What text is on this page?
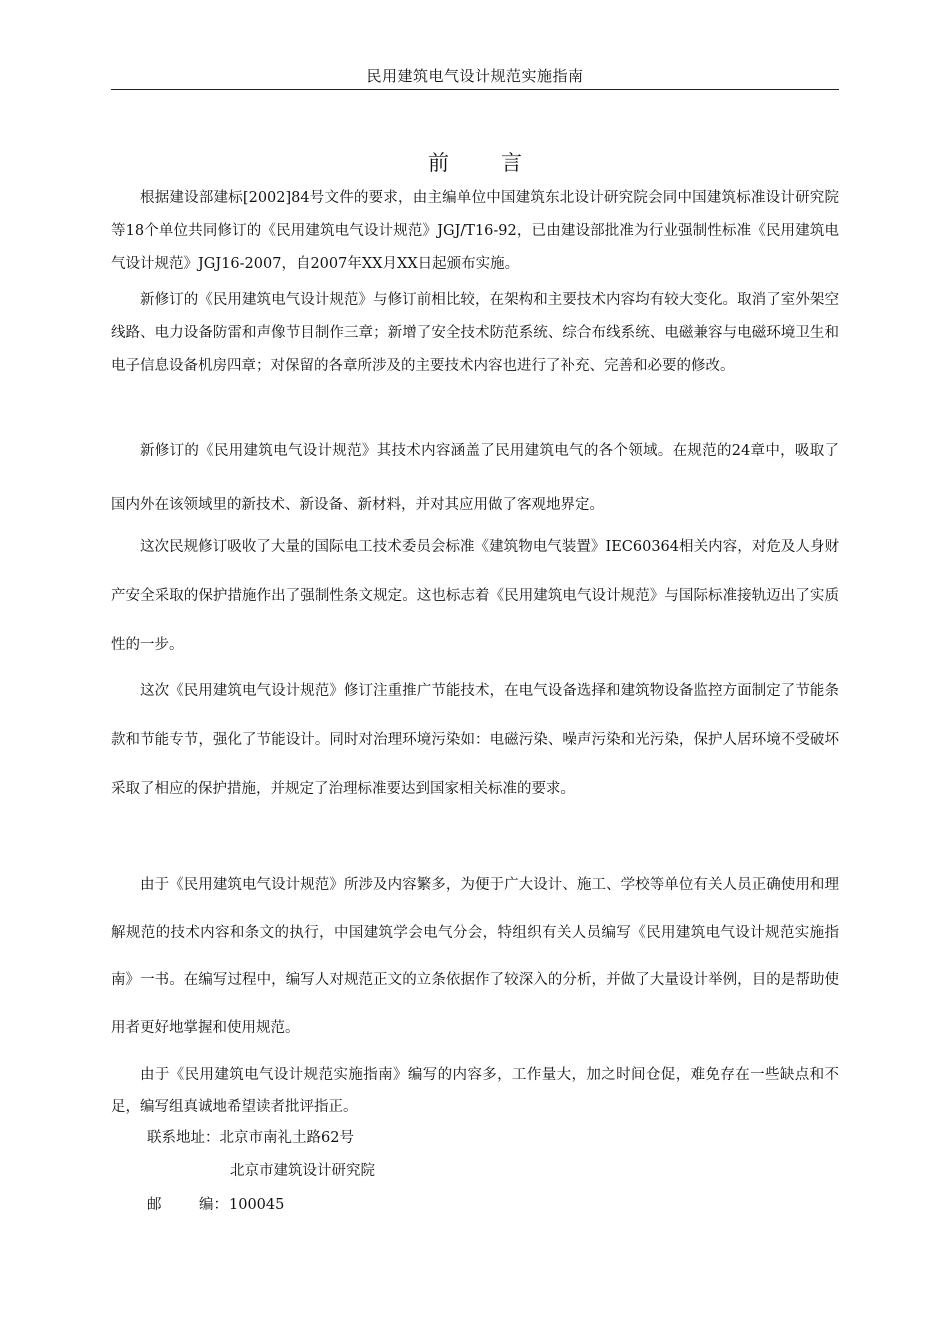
民用建筑电气设计规范实施指南
前言

根据建设部建标[2002]84号文件的要求，由主编单位中国建筑东北设计研究院会同中国建筑标准设计研究院等18个单位共同修订的《民用建筑电气设计规范》JGJ/T16-92，已由建设部批准为行业强制性标准《民用建筑电气设计规范》JGJ16-2007，自2007年XX月XX日起颁布实施。

新修订的《民用建筑电气设计规范》与修订前相比较，在架构和主要技术内容均有较大变化。取消了室外架空线路、电力设备防雷和声像节目制作三章；新增了安全技术防范系统、综合布线系统、电磁兼容与电磁环境卫生和电子信息设备机房四章；对保留的各章所涉及的主要技术内容也进行了补充、完善和必要的修改。

新修订的《民用建筑电气设计规范》其技术内容涵盖了民用建筑电气的各个领域。在规范的24章中，吸取了国内外在该领域里的新技术、新设备、新材料，并对其应用做了客观地界定。

这次民规修订吸收了大量的国际电工技术委员会标准《建筑物电气装置》IEC60364相关内容，对危及人身财产安全采取的保护措施作出了强制性条文规定。这也标志着《民用建筑电气设计规范》与国际标准接轨迈出了实质性的一步。

这次《民用建筑电气设计规范》修订注重推广节能技术，在电气设备选择和建筑物设备监控方面制定了节能条款和节能专节，强化了节能设计。同时对治理环境污染如：电磁污染、噪声污染和光污染，保护人居环境不受破坏采取了相应的保护措施，并规定了治理标准要达到国家相关标准的要求。

由于《民用建筑电气设计规范》所涉及内容繁多，为便于广大设计、施工、学校等单位有关人员正确使用和理解规范的技术内容和条文的执行，中国建筑学会电气分会，特组织有关人员编写《民用建筑电气设计规范实施指南》一书。在编写过程中，编写人对规范正文的立条依据作了较深入的分析，并做了大量设计举例，目的是帮助使用者更好地掌握和使用规范。

由于《民用建筑电气设计规范实施指南》编写的内容多，工作量大，加之时间仓促，难免存在一些缺点和不足，编写组真诚地希望读者批评指正。

联系地址：北京市南礼土路62号
北京市建筑设计研究院
邮	编：100045
